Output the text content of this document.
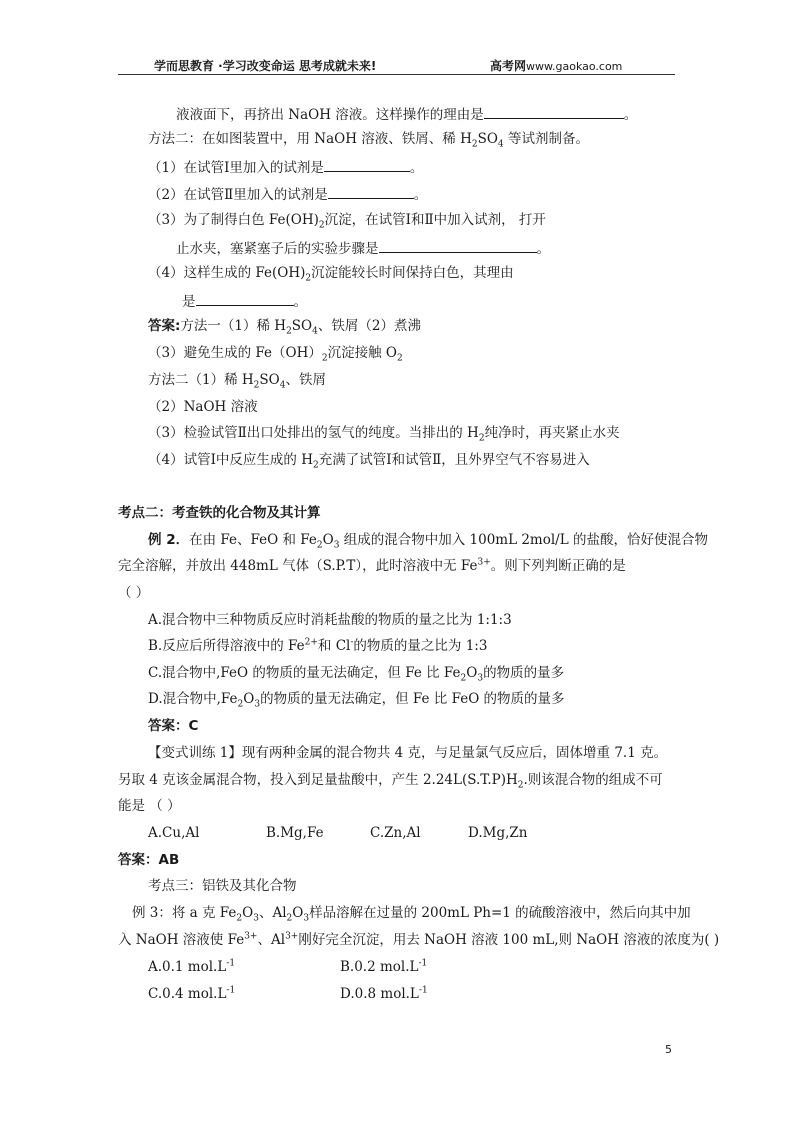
学而思教育 ·学习改变命运 思考成就未来!	高考网www.gaokao.com
液液面下，再挤出 NaOH 溶液。这样操作的理由是	。
方法二：在如图装置中，用 NaOH 溶液、铁屑、稀 $H_2SO_4$ 等试剂制备。
（1）在试管Ⅰ里加入的试剂是	。
（2）在试管Ⅱ里加入的试剂是	。
（3）为了制得白色 $Fe(OH)_2$沉淀，在试管Ⅰ和Ⅱ中加入试剂， 打开
止水夹，塞紧塞子后的实验步骤是	。
（4）这样生成的 $Fe(OH)_2$沉淀能较长时间保持白色，其理由
是	。
答案:方法一（1）稀 $H_2SO_4$、铁屑（2）煮沸
（3）避免生成的 $Fe(OH)_2$沉淀接触 $O_2$
方法二（1）稀 $H_2SO_4$、铁屑
（2）NaOH 溶液
（3）检验试管Ⅱ出口处排出的氢气的纯度。当排出的 $H_2$纯净时，再夹紧止水夹
（4）试管Ⅰ中反应生成的 $H_2$充满了试管Ⅰ和试管Ⅱ，且外界空气不容易进入
考点二：考查铁的化合物及其计算
例 2．在由 Fe、FeO 和 $Fe_2O_3$ 组成的混合物中加入 100mL 2mol/L 的盐酸，恰好使混合物
完全溶解，并放出 448mL 气体（S.P.T），此时溶液中无 $Fe^{3+}$。则下列判断正确的是
（ ）
A.混合物中三种物质反应时消耗盐酸的物质的量之比为 1:1:3
B.反应后所得溶液中的 $Fe^{2+}$和 Cl-的物质的量之比为 1:3
C.混合物中,FeO 的物质的量无法确定，但 Fe 比 $Fe_2O_3$的物质的量多
D.混合物中$,Fe_2O_3$的物质的量无法确定，但 Fe 比 FeO 的物质的量多
答案：C
【变式训练 1】现有两种金属的混合物共 4 克，与足量氯气反应后，固体增重 7.1 克。
另取 4 克该金属混合物，投入到足量盐酸中，产生 $2.24L(S.T.P)H_2$.则该混合物的组成不可
能是 （ ）
A.Cu,Al	B.Mg,Fe	C.Zn,Al	D.Mg,Zn
答案：AB
考点三：铝铁及其化合物
例 3：将 a 克 $Fe_2O_3$、$Al_2O_3$样品溶解在过量的 200mL Ph=1 的硫酸溶液中，然后向其中加
入 NaOH 溶液使 $Fe^{3+}$、$Al^{3+}$刚好完全沉淀，用去 NaOH 溶液 100 mL,则 NaOH 溶液的浓度为( )
A.0.1 $mol.L^{-1}$	B.0.2 $mol.L^{-1}$
C.0.4 $mol.L^{-1}$	D.0.8 $mol.L^{-1}$
5
